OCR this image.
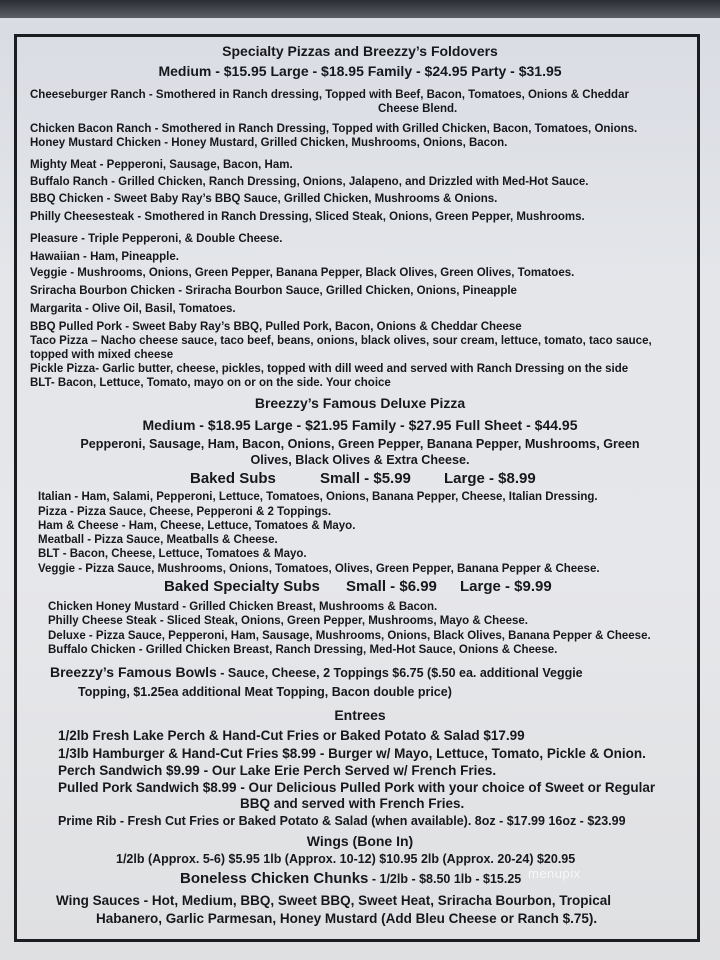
Specialty Pizzas and Breezzy’s Foldovers
Medium - $15.95 Large - $18.95 Family - $24.95 Party - $31.95
Cheeseburger Ranch - Smothered in Ranch dressing, Topped with Beef, Bacon, Tomatoes, Onions & Cheddar
Cheese Blend.
Chicken Bacon Ranch - Smothered in Ranch Dressing, Topped with Grilled Chicken, Bacon, Tomatoes, Onions.
Honey Mustard Chicken - Honey Mustard, Grilled Chicken, Mushrooms, Onions, Bacon.
Mighty Meat - Pepperoni, Sausage, Bacon, Ham.
Buffalo Ranch - Grilled Chicken, Ranch Dressing, Onions, Jalapeno, and Drizzled with Med-Hot Sauce.
BBQ Chicken - Sweet Baby Ray’s BBQ Sauce, Grilled Chicken, Mushrooms & Onions.
Philly Cheesesteak - Smothered in Ranch Dressing, Sliced Steak, Onions, Green Pepper, Mushrooms.
Pleasure - Triple Pepperoni, & Double Cheese.
Hawaiian - Ham, Pineapple.
Veggie - Mushrooms, Onions, Green Pepper, Banana Pepper, Black Olives, Green Olives, Tomatoes.
Sriracha Bourbon Chicken - Sriracha Bourbon Sauce, Grilled Chicken, Onions, Pineapple
Margarita - Olive Oil, Basil, Tomatoes.
BBQ Pulled Pork - Sweet Baby Ray’s BBQ, Pulled Pork, Bacon, Onions & Cheddar Cheese
Taco Pizza – Nacho cheese sauce, taco beef, beans, onions, black olives, sour cream, lettuce, tomato, taco sauce,
topped with mixed cheese
Pickle Pizza- Garlic butter, cheese, pickles, topped with dill weed and served with Ranch Dressing on the side
BLT- Bacon, Lettuce, Tomato, mayo on or on the side. Your choice
Breezzy’s Famous Deluxe Pizza
Medium - $18.95 Large - $21.95 Family - $27.95 Full Sheet - $44.95
Pepperoni, Sausage, Ham, Bacon, Onions, Green Pepper, Banana Pepper, Mushrooms, Green
Olives, Black Olives & Extra Cheese.
Baked Subs	Small - $5.99 Large - $8.99
Italian - Ham, Salami, Pepperoni, Lettuce, Tomatoes, Onions, Banana Pepper, Cheese, Italian Dressing.
Pizza - Pizza Sauce, Cheese, Pepperoni & 2 Toppings.
Ham & Cheese - Ham, Cheese, Lettuce, Tomatoes & Mayo.
Meatball - Pizza Sauce, Meatballs & Cheese.
BLT - Bacon, Cheese, Lettuce, Tomatoes & Mayo.
Veggie - Pizza Sauce, Mushrooms, Onions, Tomatoes, Olives, Green Pepper, Banana Pepper & Cheese.
Baked Specialty Subs Small - $6.99 Large - $9.99
Chicken Honey Mustard - Grilled Chicken Breast, Mushrooms & Bacon.
Philly Cheese Steak - Sliced Steak, Onions, Green Pepper, Mushrooms, Mayo & Cheese.
Deluxe - Pizza Sauce, Pepperoni, Ham, Sausage, Mushrooms, Onions, Black Olives, Banana Pepper & Cheese.
Buffalo Chicken - Grilled Chicken Breast, Ranch Dressing, Med-Hot Sauce, Onions & Cheese.
Breezzy’s Famous Bowls - Sauce, Cheese, 2 Toppings $6.75 ($.50 ea. additional Veggie
Topping, $1.25ea additional Meat Topping, Bacon double price)
Entrees
1/2lb Fresh Lake Perch & Hand-Cut Fries or Baked Potato & Salad $17.99
1/3lb Hamburger & Hand-Cut Fries $8.99 - Burger w/ Mayo, Lettuce, Tomato, Pickle & Onion.
Perch Sandwich $9.99 - Our Lake Erie Perch Served w/ French Fries.
Pulled Pork Sandwich $8.99 - Our Delicious Pulled Pork with your choice of Sweet or Regular
BBQ and served with French Fries.
Prime Rib - Fresh Cut Fries or Baked Potato & Salad (when available). 8oz - $17.99 16oz - $23.99
Wings (Bone In)
1/2lb (Approx. 5-6) $5.95 1lb (Approx. 10-12) $10.95 2lb (Approx. 20-24) $20.95
Boneless Chicken Chunks - 1/2lb - $8.50 1lb - $15.25
Wing Sauces - Hot, Medium, BBQ, Sweet BBQ, Sweet Heat, Sriracha Bourbon, Tropical
Habanero, Garlic Parmesan, Honey Mustard (Add Bleu Cheese or Ranch $.75).
menupix
